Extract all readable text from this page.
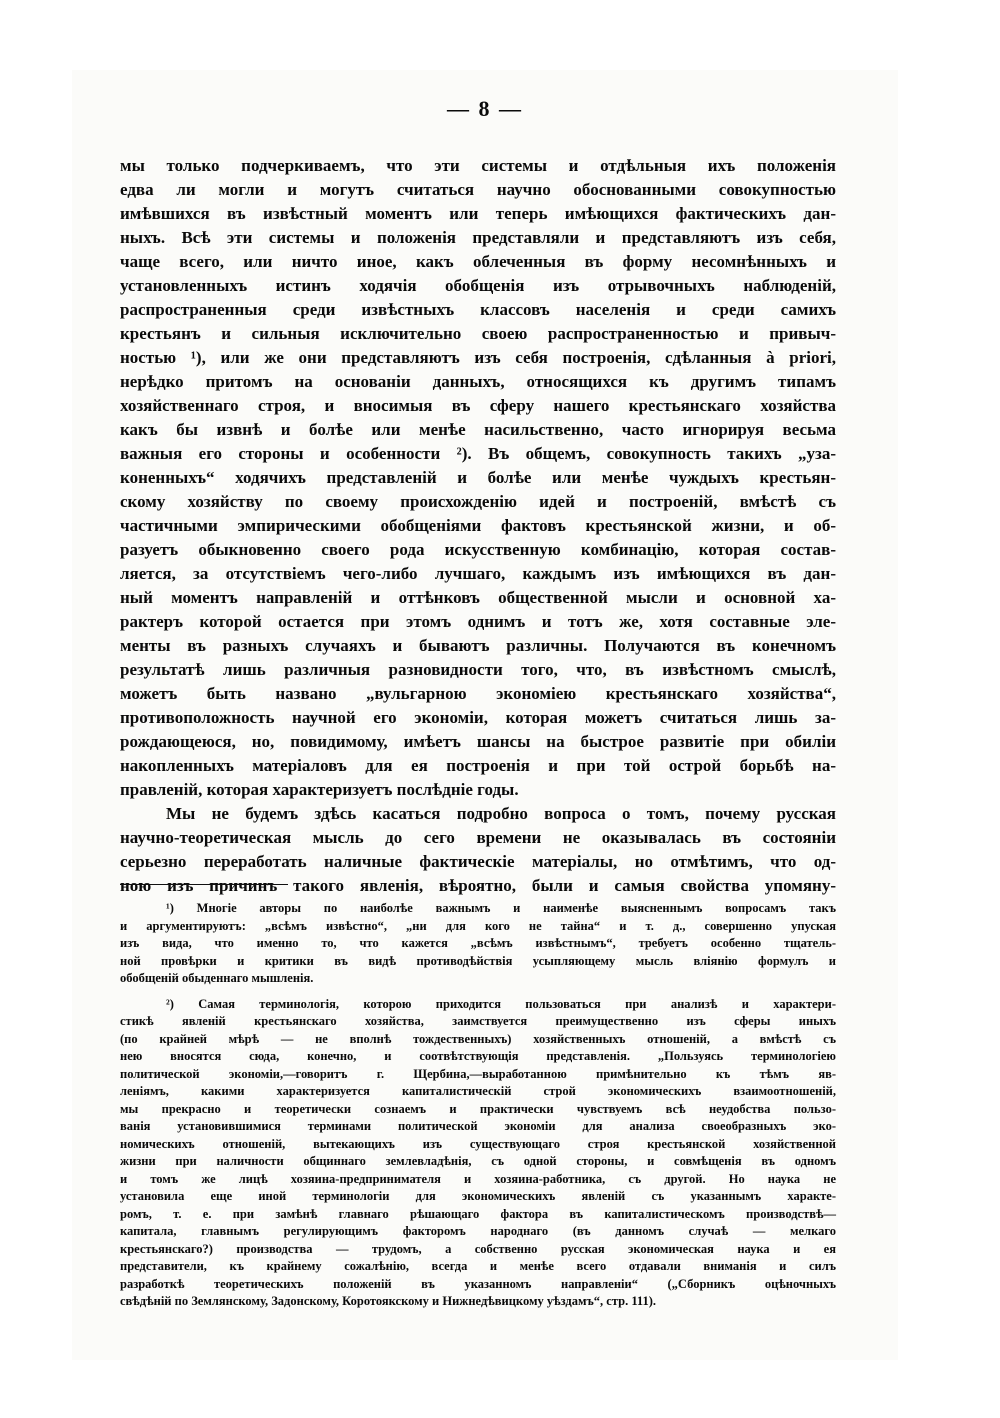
— 8 —
мы только подчеркиваемъ, что эти системы и отдѣльныя ихъ положенія
едва ли могли и могутъ считаться научно обоснованными совокупностью
имѣвшихся въ извѣстный моментъ или теперь имѣющихся фактическихъ дан-
ныхъ. Всѣ эти системы и положенія представляли и представляютъ изъ себя,
чаще всего, или ничто иное, какъ облеченныя въ форму несомнѣнныхъ и
установленныхъ истинъ ходячія обобщенія изъ отрывочныхъ наблюденій,
распространенныя среди извѣстныхъ классовъ населенія и среди самихъ
крестьянъ и сильныя исключительно своею распространенностью и привыч-
ностью ¹), или же они представляютъ изъ себя построенія, сдѣланныя à priori,
нерѣдко притомъ на основаніи данныхъ, относящихся къ другимъ типамъ
хозяйственнаго строя, и вносимыя въ сферу нашего крестьянскаго хозяйства
какъ бы извнѣ и болѣе или менѣе насильственно, часто игнорируя весьма
важныя его стороны и особенности ²). Въ общемъ, совокупность такихъ „уза-
коненныхъ“ ходячихъ представленій и болѣе или менѣе чуждыхъ крестьян-
скому хозяйству по своему происхожденію идей и построеній, вмѣстѣ съ
частичными эмпирическими обобщеніями фактовъ крестьянской жизни, и об-
разуетъ обыкновенно своего рода искусственную комбинацію, которая состав-
ляется, за отсутствіемъ чего-либо лучшаго, каждымъ изъ имѣющихся въ дан-
ный моментъ направленій и оттѣнковъ общественной мысли и основной ха-
рактеръ которой остается при этомъ однимъ и тотъ же, хотя составные эле-
менты въ разныхъ случаяхъ и бываютъ различны. Получаются въ конечномъ
результатѣ лишь различныя разновидности того, что, въ извѣстномъ смыслѣ,
можетъ быть названо „вульгарною экономіею крестьянскаго хозяйства“,
противоположность научной его экономіи, которая можетъ считаться лишь за-
рождающеюся, но, повидимому, имѣетъ шансы на быстрое развитіе при обиліи
накопленныхъ матеріаловъ для ея построенія и при той острой борьбѣ на-
правленій, которая характеризуетъ послѣдніе годы.
Мы не будемъ здѣсь касаться подробно вопроса о томъ, почему русская
научно-теоретическая мысль до сего времени не оказывалась въ состояніи
серьезно переработать наличные фактическіе матеріалы, но отмѣтимъ, что од-
ною изъ причинъ такого явленія, вѣроятно, были и самыя свойства упомяну-
¹) Многіе авторы по наиболѣе важнымъ и наименѣе выясненнымъ вопросамъ такъ
и аргументируютъ: „всѣмъ извѣстно“, „ни для кого не тайна“ и т. д., совершенно упуская
изъ вида, что именно то, что кажется „всѣмъ извѣстнымъ“, требуетъ особенно тщатель-
ной провѣрки и критики въ видѣ противодѣйствія усыпляющему мысль вліянію формулъ и
обобщеній обыденнаго мышленія.
²) Самая терминологія, которою приходится пользоваться при анализѣ и характери-
стикѣ явленій крестьянскаго хозяйства, заимствуется преимущественно изъ сферы иныхъ
(по крайней мѣрѣ — не вполнѣ тождественныхъ) хозяйственныхъ отношеній, а вмѣстѣ съ
нею вносятся сюда, конечно, и соотвѣтствующія представленія. „Пользуясь терминологіею
политической экономіи,—говоритъ г. Щербина,—выработанною примѣнительно къ тѣмъ яв-
леніямъ, какими характеризуется капиталистическій строй экономическихъ взаимоотношеній,
мы прекрасно и теоретически сознаемъ и практически чувствуемъ всѣ неудобства пользо-
ванія установившимися терминами политической экономіи для анализа своеобразныхъ эко-
номическихъ отношеній, вытекающихъ изъ существующаго строя крестьянской хозяйственной
жизни при наличности общиннаго землевладѣнія, съ одной стороны, и совмѣщенія въ одномъ
и томъ же лицѣ хозяина-предпринимателя и хозяина-работника, съ другой. Но наука не
установила еще иной терминологіи для экономическихъ явленій съ указаннымъ характе-
ромъ, т. е. при замѣнѣ главнаго рѣшающаго фактора въ капиталистическомъ производствѣ—
капитала, главнымъ регулирующимъ факторомъ народнаго (въ данномъ случаѣ — мелкаго
крестьянскаго?) производства — трудомъ, а собственно русская экономическая наука и ея
представители, къ крайнему сожалѣнію, всегда и менѣе всего отдавали вниманія и силъ
разработкѣ теоретическихъ положеній въ указанномъ направленіи“ („Сборникъ оцѣночныхъ
свѣдѣній по Землянскому, Задонскому, Коротоякскому и Нижнедѣвицкому уѣздамъ“, стр. 111).
